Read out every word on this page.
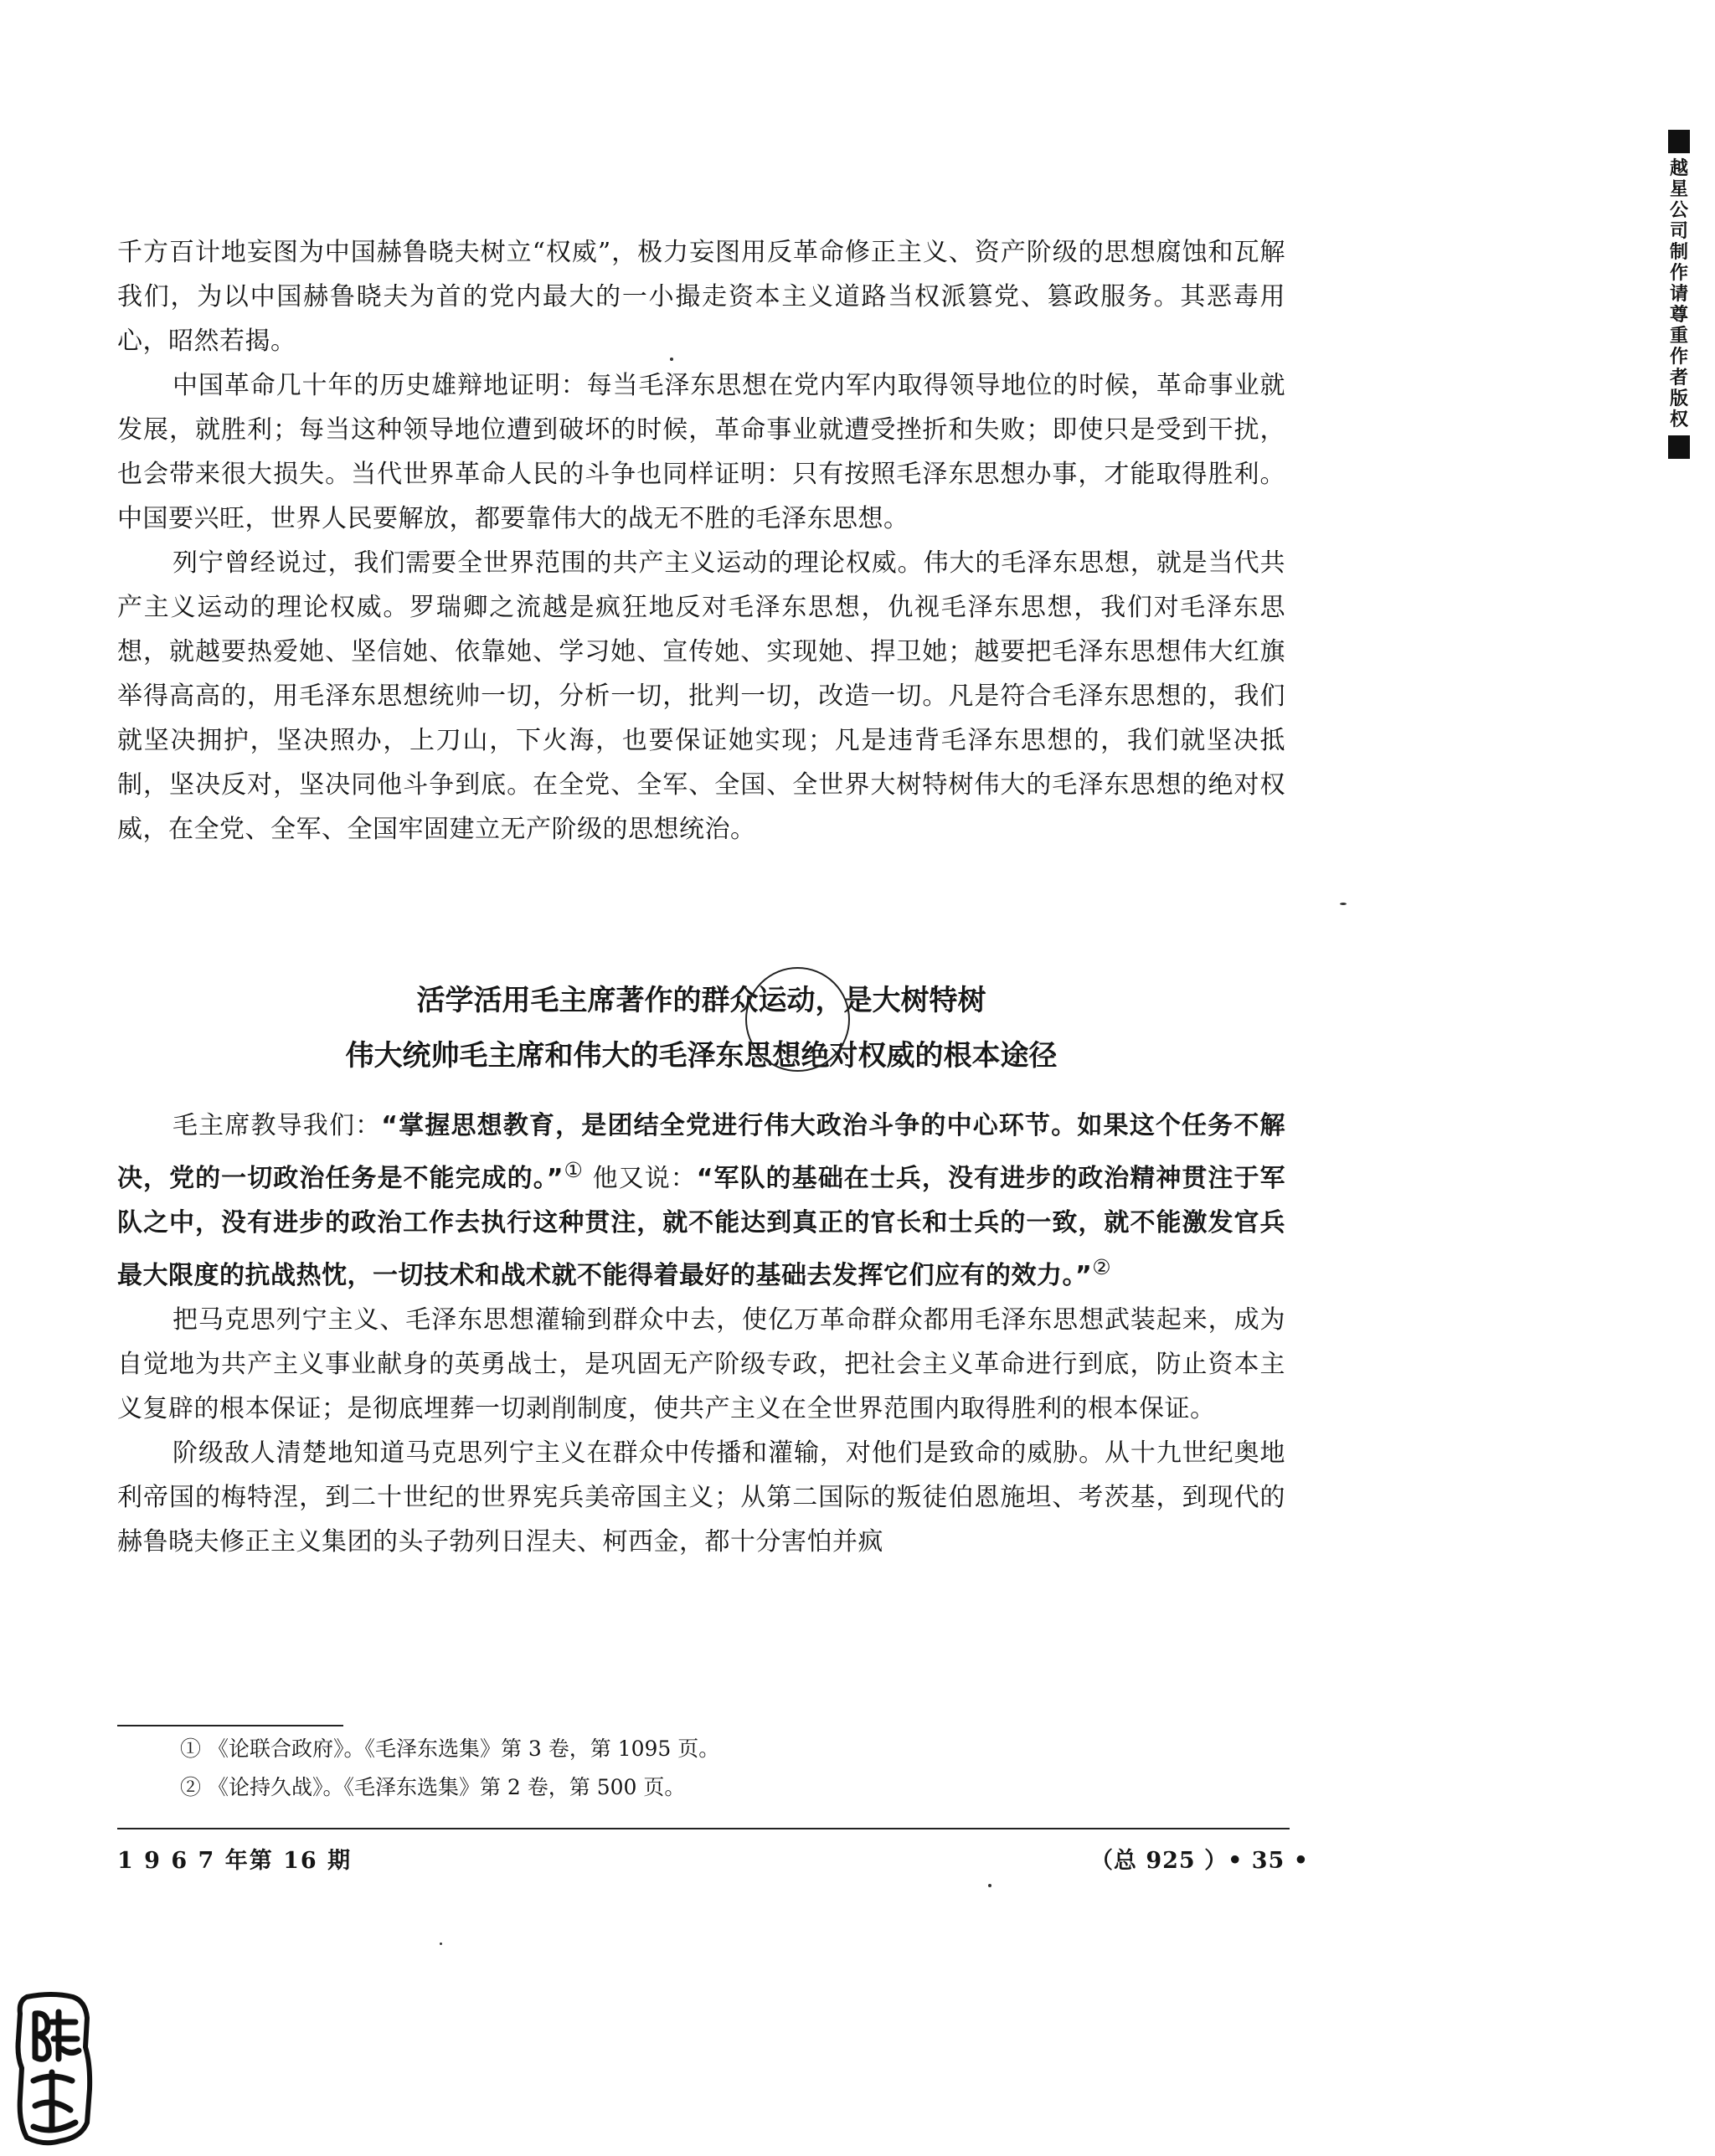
越
星
公
司
制
作
请
尊
重
作
者
版
权

千方百计地妄图为中国赫鲁晓夫树立“权威”，极力妄图用反革命修正主义、资产阶级的思想腐蚀和瓦解我们，为以中国赫鲁晓夫为首的党内最大的一小撮走资本主义道路当权派篡党、篡政服务。其恶毒用心，昭然若揭。

中国革命几十年的历史雄辩地证明：每当毛泽东思想在党内军内取得领导地位的时候，革命事业就发展，就胜利；每当这种领导地位遭到破坏的时候，革命事业就遭受挫折和失败；即使只是受到干扰，也会带来很大损失。当代世界革命人民的斗争也同样证明：只有按照毛泽东思想办事，才能取得胜利。中国要兴旺，世界人民要解放，都要靠伟大的战无不胜的毛泽东思想。

列宁曾经说过，我们需要全世界范围的共产主义运动的理论权威。伟大的毛泽东思想，就是当代共产主义运动的理论权威。罗瑞卿之流越是疯狂地反对毛泽东思想，仇视毛泽东思想，我们对毛泽东思想，就越要热爱她、坚信她、依靠她、学习她、宣传她、实现她、捍卫她；越要把毛泽东思想伟大红旗举得高高的，用毛泽东思想统帅一切，分析一切，批判一切，改造一切。凡是符合毛泽东思想的，我们就坚决拥护，坚决照办，上刀山，下火海，也要保证她实现；凡是违背毛泽东思想的，我们就坚决抵制，坚决反对，坚决同他斗争到底。在全党、全军、全国、全世界大树特树伟大的毛泽东思想的绝对权威，在全党、全军、全国牢固建立无产阶级的思想统治。

活学活用毛主席著作的群众运动，是大树特树
伟大统帅毛主席和伟大的毛泽东思想绝对权威的根本途径

毛主席教导我们：“掌握思想教育，是团结全党进行伟大政治斗争的中心环节。如果这个任务不解决，党的一切政治任务是不能完成的。”① 他又说：“军队的基础在士兵，没有进步的政治精神贯注于军队之中，没有进步的政治工作去执行这种贯注，就不能达到真正的官长和士兵的一致，就不能激发官兵最大限度的抗战热忱，一切技术和战术就不能得着最好的基础去发挥它们应有的效力。”②

把马克思列宁主义、毛泽东思想灌输到群众中去，使亿万革命群众都用毛泽东思想武装起来，成为自觉地为共产主义事业献身的英勇战士，是巩固无产阶级专政，把社会主义革命进行到底，防止资本主义复辟的根本保证；是彻底埋葬一切剥削制度，使共产主义在全世界范围内取得胜利的根本保证。

阶级敌人清楚地知道马克思列宁主义在群众中传播和灌输，对他们是致命的威胁。从十九世纪奥地利帝国的梅特涅，到二十世纪的世界宪兵美帝国主义；从第二国际的叛徒伯恩施坦、考茨基，到现代的赫鲁晓夫修正主义集团的头子勃列日涅夫、柯西金，都十分害怕并疯

① 《论联合政府》。《毛泽东选集》第 3 卷，第 1095 页。
② 《论持久战》。《毛泽东选集》第 2 卷，第 500 页。
1 9 6 7 年第 16 期	（总 925 ）• 35 •
